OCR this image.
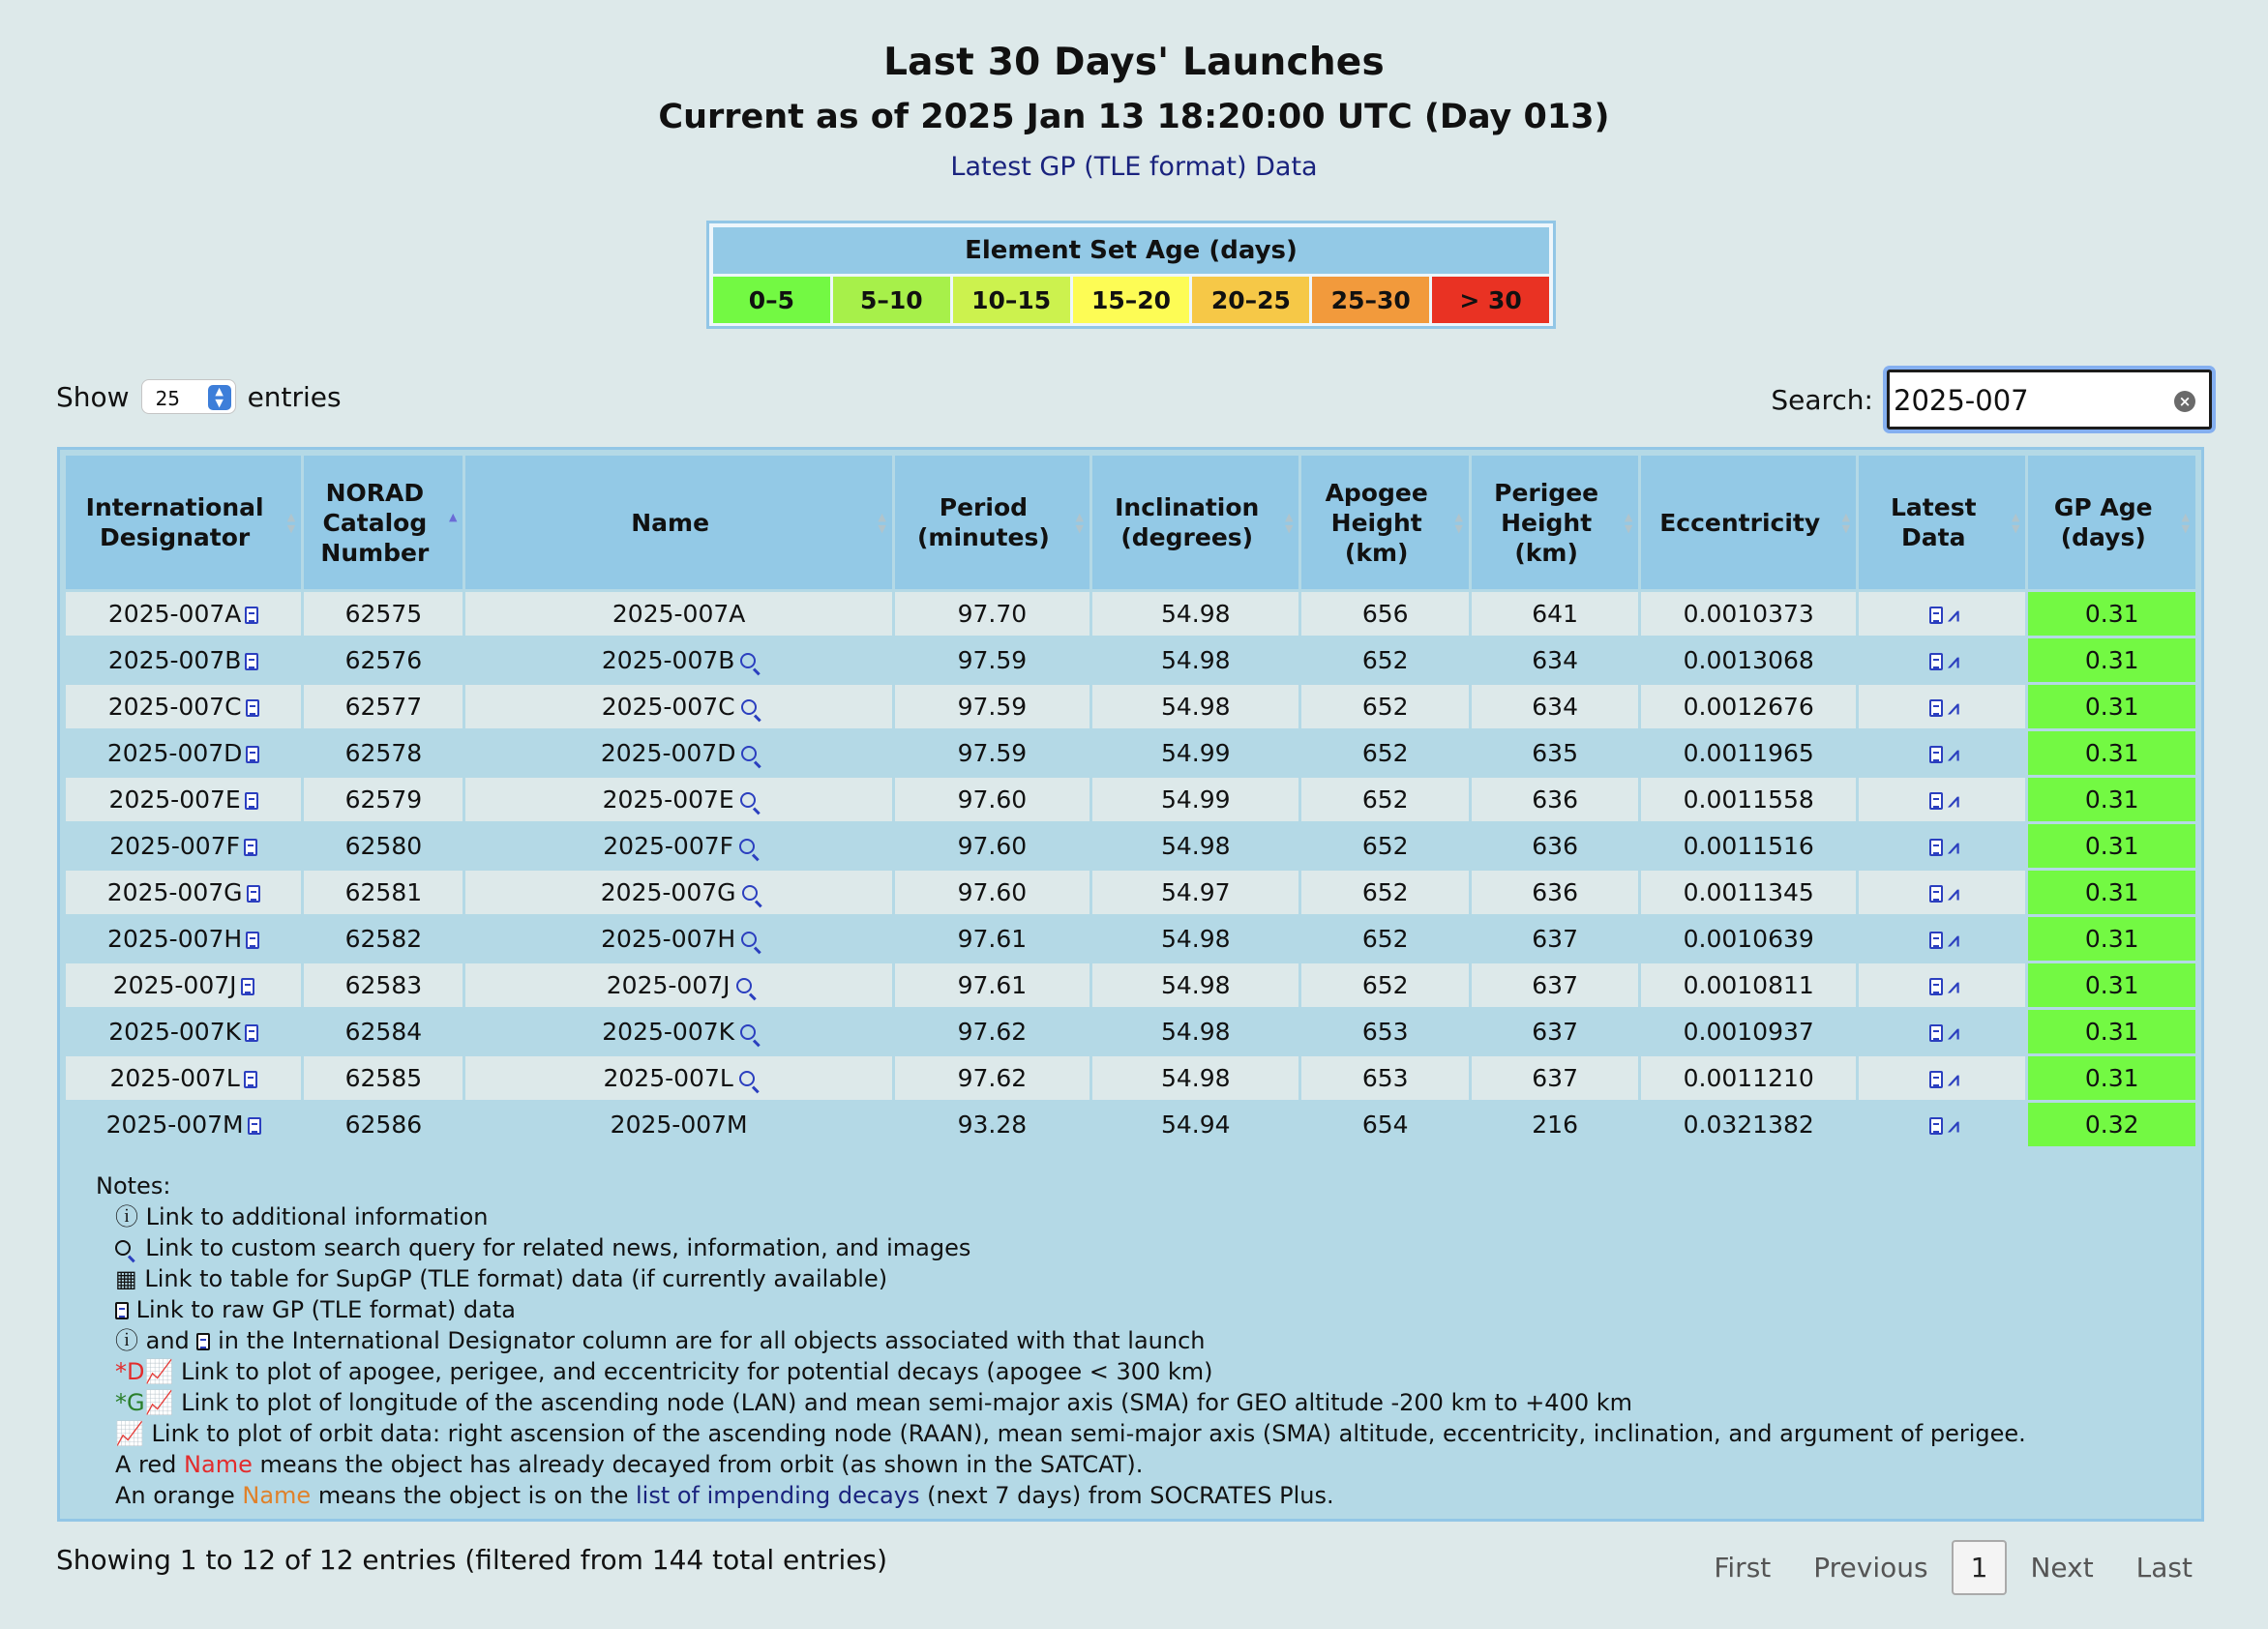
Last 30 Days' Launches
Current as of 2025 Jan 13 18:20:00 UTC (Day 013)
Latest GP (TLE format) Data
Element Set Age (days)
0–5	5–10	10–15	15–20	20–25	25–30	> 30
Show	25	▲
▼ entries	Search: 2025-007	×
International Designator
▲
▼	NORAD Catalog Number
▲	Name ▲
▼	Period (minutes)
▲
▼	Inclination (degrees)
▲
▼	Apogee Height (km)
▲
▼	Perigee Height (km)
▲
▼	Eccentricity ▲
▼	Latest Data
▲
▼	GP Age (days)
▲
▼

2025-007A	62575	2025-007A	97.70	54.98	656	641	0.0010373	⩘	0.31
2025-007B	62576	2025-007B	97.59	54.98	652	634	0.0013068	⩘	0.31
2025-007C	62577	2025-007C	97.59	54.98	652	634	0.0012676	⩘	0.31
2025-007D	62578	2025-007D	97.59	54.99	652	635	0.0011965	⩘	0.31
2025-007E	62579	2025-007E	97.60	54.99	652	636	0.0011558	⩘	0.31
2025-007F	62580	2025-007F	97.60	54.98	652	636	0.0011516	⩘	0.31
2025-007G	62581	2025-007G	97.60	54.97	652	636	0.0011345	⩘	0.31
2025-007H	62582	2025-007H	97.61	54.98	652	637	0.0010639	⩘	0.31
2025-007J	62583	2025-007J	97.61	54.98	652	637	0.0010811	⩘	0.31
2025-007K	62584	2025-007K	97.62	54.98	653	637	0.0010937	⩘	0.31
2025-007L	62585	2025-007L	97.62	54.98	653	637	0.0011210	⩘	0.31
2025-007M	62586	2025-007M	93.28	54.94	654	216	0.0321382	⩘	0.32
Notes:
ⓘ Link to additional information
Link to custom search query for related news, information, and images
▦ Link to table for SupGP (TLE format) data (if currently available)
Link to raw GP (TLE format) data
ⓘ and in the International Designator column are for all objects associated with that launch
*D📈 Link to plot of apogee, perigee, and eccentricity for potential decays (apogee < 300 km)
*G📈 Link to plot of longitude of the ascending node (LAN) and mean semi-major axis (SMA) for GEO altitude -200 km to +400 km
📈 Link to plot of orbit data: right ascension of the ascending node (RAAN), mean semi-major axis (SMA) altitude, eccentricity, inclination, and argument of perigee.
A red Name means the object has already decayed from orbit (as shown in the SATCAT).
An orange Name means the object is on the list of impending decays (next 7 days) from SOCRATES Plus.
Showing 1 to 12 of 12 entries (filtered from 144 total entries)	First	Previous	1	Next	Last
